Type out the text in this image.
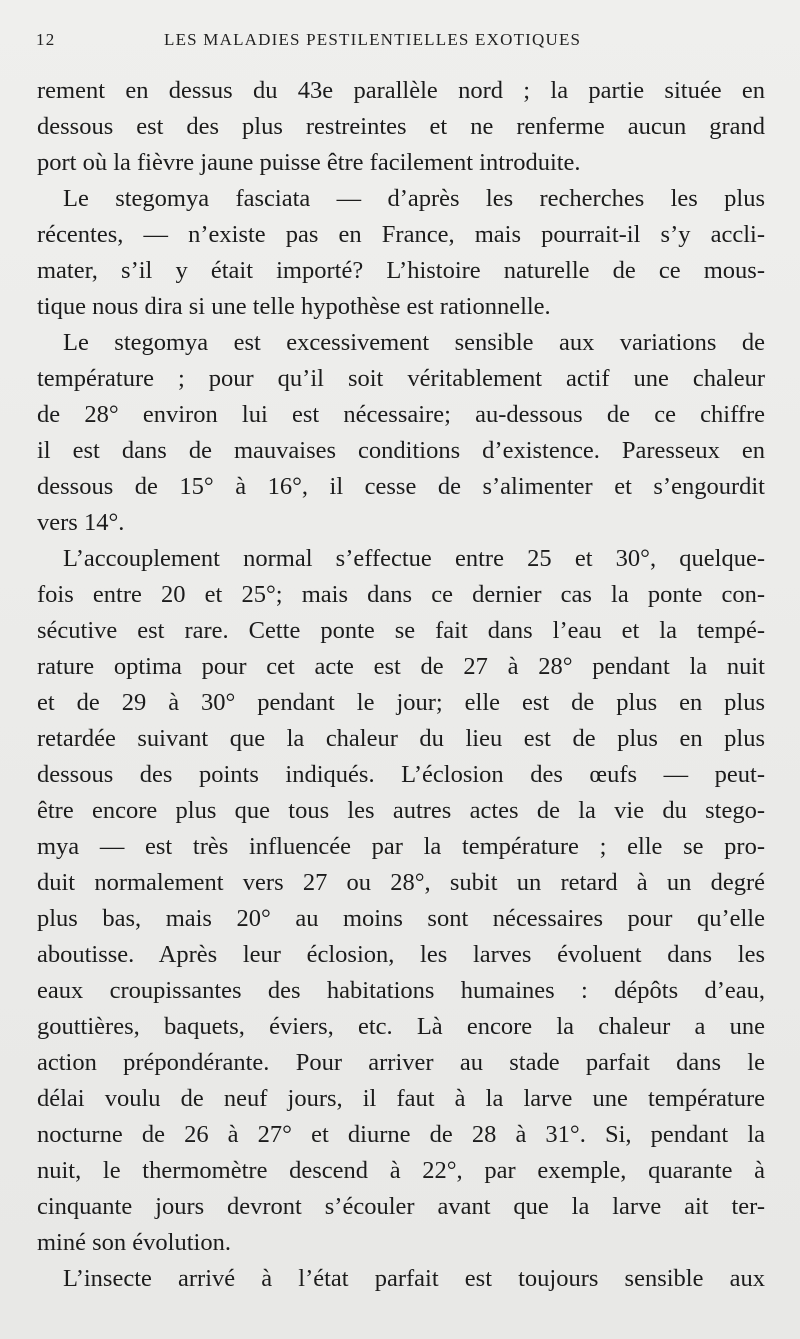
12	LES MALADIES PESTILENTIELLES EXOTIQUES
rement en dessus du 43e parallèle nord ; la partie située en
dessous est des plus restreintes et ne renferme aucun grand
port où la fièvre jaune puisse être facilement introduite.
Le stegomya fasciata — d’après les recherches les plus
récentes, — n’existe pas en France, mais pourrait-il s’y accli-
mater, s’il y était importé? L’histoire naturelle de ce mous-
tique nous dira si une telle hypothèse est rationnelle.
Le stegomya est excessivement sensible aux variations de
température ; pour qu’il soit véritablement actif une chaleur
de 28° environ lui est nécessaire; au-dessous de ce chiffre
il est dans de mauvaises conditions d’existence. Paresseux en
dessous de 15° à 16°, il cesse de s’alimenter et s’engourdit
vers 14°.
L’accouplement normal s’effectue entre 25 et 30°, quelque-
fois entre 20 et 25°; mais dans ce dernier cas la ponte con-
sécutive est rare. Cette ponte se fait dans l’eau et la tempé-
rature optima pour cet acte est de 27 à 28° pendant la nuit
et de 29 à 30° pendant le jour; elle est de plus en plus
retardée suivant que la chaleur du lieu est de plus en plus
dessous des points indiqués. L’éclosion des œufs — peut-
être encore plus que tous les autres actes de la vie du stego-
mya — est très influencée par la température ; elle se pro-
duit normalement vers 27 ou 28°, subit un retard à un degré
plus bas, mais 20° au moins sont nécessaires pour qu’elle
aboutisse. Après leur éclosion, les larves évoluent dans les
eaux croupissantes des habitations humaines : dépôts d’eau,
gouttières, baquets, éviers, etc. Là encore la chaleur a une
action prépondérante. Pour arriver au stade parfait dans le
délai voulu de neuf jours, il faut à la larve une température
nocturne de 26 à 27° et diurne de 28 à 31°. Si, pendant la
nuit, le thermomètre descend à 22°, par exemple, quarante à
cinquante jours devront s’écouler avant que la larve ait ter-
miné son évolution.
L’insecte arrivé à l’état parfait est toujours sensible aux
